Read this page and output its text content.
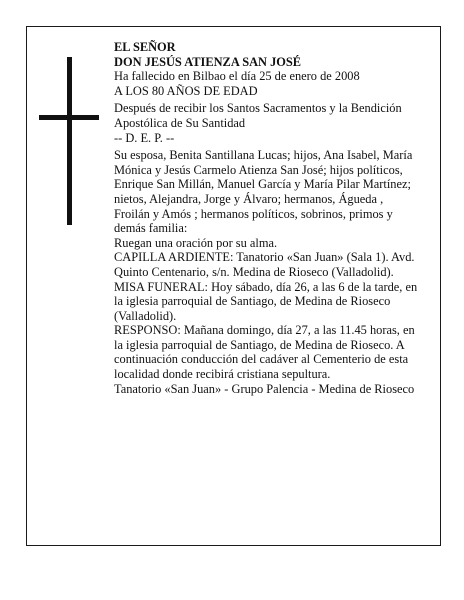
EL SEÑOR

DON JESÚS ATIENZA SAN JOSÉ

Ha fallecido en Bilbao el día 25 de enero de 2008

A LOS 80 AÑOS DE EDAD

Después de recibir los Santos Sacramentos y la Bendición Apostólica de Su Santidad

-- D. E. P. --

Su esposa, Benita Santillana Lucas; hijos, Ana Isabel, María Mónica y Jesús Carmelo Atienza San José; hijos políticos, Enrique San Millán, Manuel García y María Pilar Martínez; nietos, Alejandra, Jorge y Álvaro; hermanos, Águeda , Froilán y Amós ; hermanos políticos, sobrinos, primos y demás familia:

Ruegan una oración por su alma.

CAPILLA ARDIENTE: Tanatorio «San Juan» (Sala 1). Avd. Quinto Centenario, s/n. Medina de Rioseco (Valladolid).

MISA FUNERAL: Hoy sábado, día 26, a las 6 de la tarde, en la iglesia parroquial de Santiago, de Medina de Rioseco (Valladolid).

RESPONSO: Mañana domingo, día 27, a las 11.45 horas, en la iglesia parroquial de Santiago, de Medina de Rioseco. A continuación conducción del cadáver al Cementerio de esta localidad donde recibirá cristiana sepultura.

Tanatorio «San Juan» - Grupo Palencia - Medina de Rioseco
